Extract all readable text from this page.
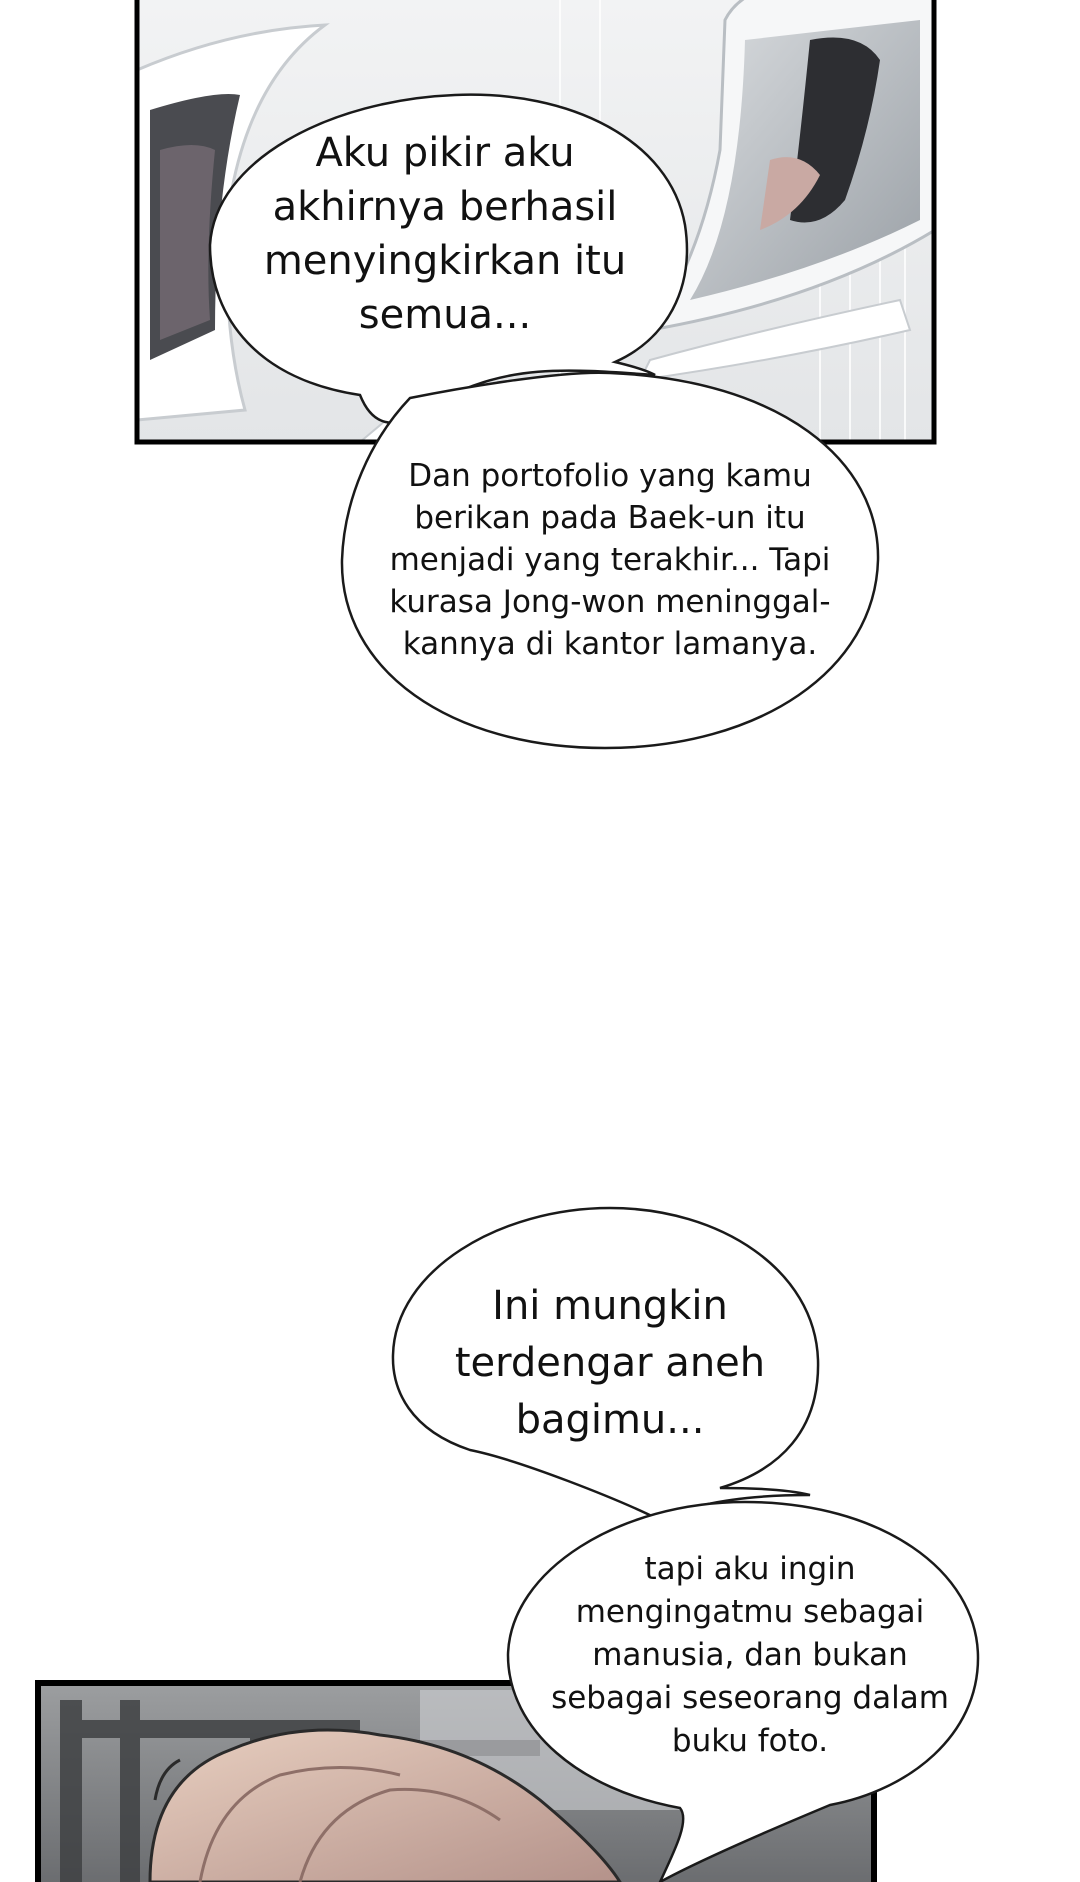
Aku pikir aku
akhirnya berhasil
menyingkirkan itu
semua...
Dan portofolio yang kamu
berikan pada Baek-un itu
menjadi yang terakhir... Tapi
kurasa Jong-won meninggal-
kannya di kantor lamanya.
Ini mungkin
terdengar aneh
bagimu...
tapi aku ingin
mengingatmu sebagai
manusia, dan bukan
sebagai seseorang dalam
buku foto.
